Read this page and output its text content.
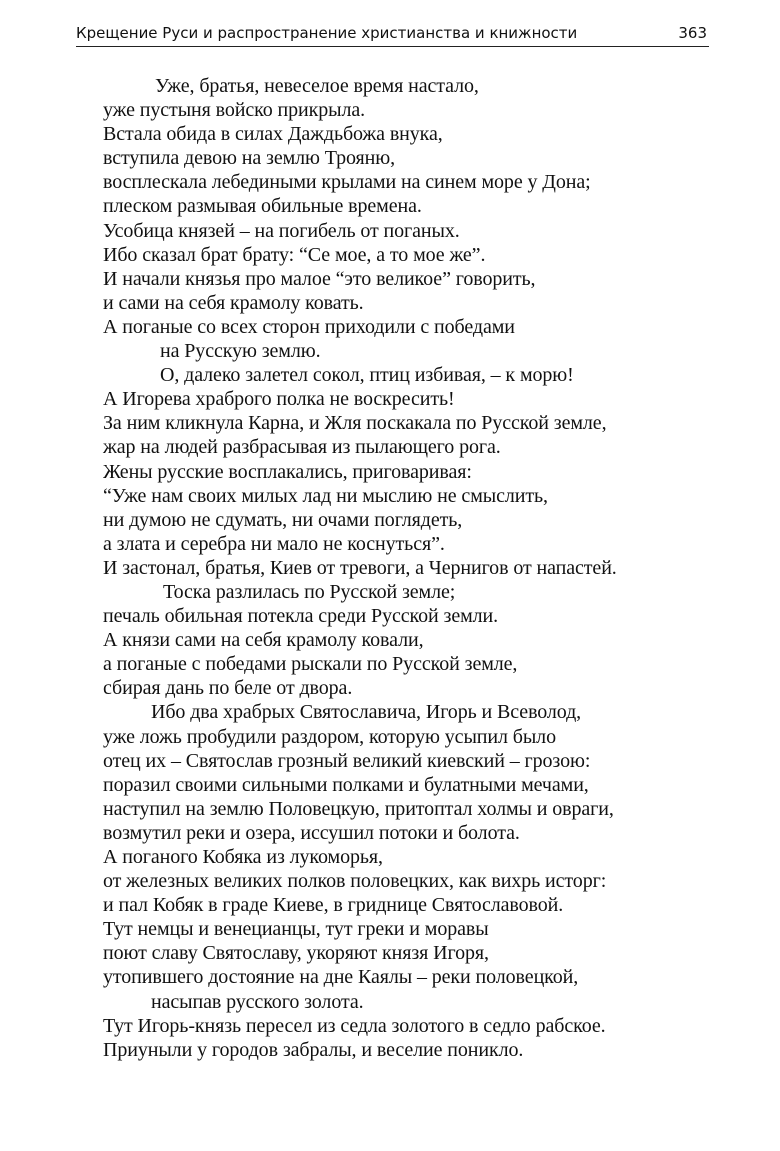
Крещение Руси и распространение христианства и книжности	363
Уже, братья, невеселое время настало,
уже пустыня войско прикрыла.
Встала обида в силах Даждьбожа внука,
вступила девою на землю Трояню,
восплескала лебедиными крылами на синем море у Дона;
плеском размывая обильные времена.
Усобица князей – на погибель от поганых.
Ибо сказал брат брату: “Се мое, а то мое же”.
И начали князья про малое “это великое” говорить,
и сами на себя крамолу ковать.
А поганые со всех сторон приходили с победами
на Русскую землю.
О, далеко залетел сокол, птиц избивая, – к морю!
А Игорева храброго полка не воскресить!
За ним кликнула Карна, и Жля поскакала по Русской земле,
жар на людей разбрасывая из пылающего рога.
Жены русские восплакались, приговаривая:
“Уже нам своих милых лад ни мыслию не смыслить,
ни думою не сдумать, ни очами поглядеть,
а злата и серебра ни мало не коснуться”.
И застонал, братья, Киев от тревоги, а Чернигов от напастей.
Тоска разлилась по Русской земле;
печаль обильная потекла среди Русской земли.
А князи сами на себя крамолу ковали,
а поганые с победами рыскали по Русской земле,
сбирая дань по беле от двора.
Ибо два храбрых Святославича, Игорь и Всеволод,
уже ложь пробудили раздором, которую усыпил было
отец их – Святослав грозный великий киевский – грозою:
поразил своими сильными полками и булатными мечами,
наступил на землю Половецкую, притоптал холмы и овраги,
возмутил реки и озера, иссушил потоки и болота.
А поганого Кобяка из лукоморья,
от железных великих полков половецких, как вихрь исторг:
и пал Кобяк в граде Киеве, в гриднице Святославовой.
Тут немцы и венецианцы, тут греки и моравы
поют славу Святославу, укоряют князя Игоря,
утопившего достояние на дне Каялы – реки половецкой,
насыпав русского золота.
Тут Игорь-князь пересел из седла золотого в седло рабское.
Приуныли у городов забралы, и веселие поникло.
